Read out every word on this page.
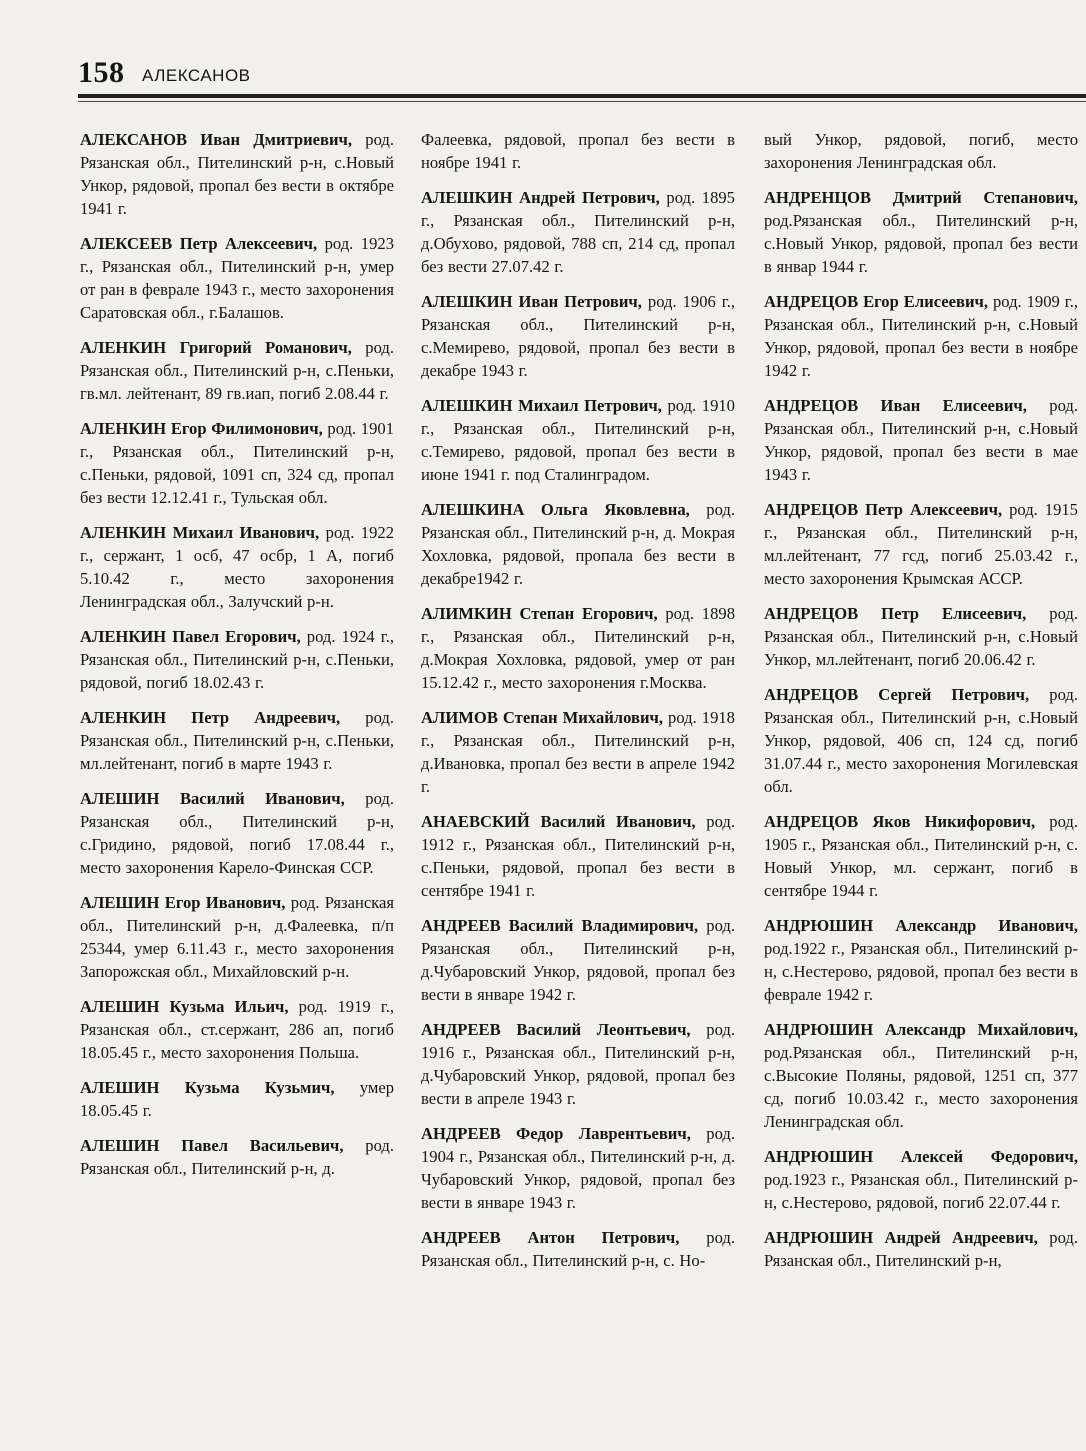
158 АЛЕКСАНОВ

АЛЕКСАНОВ Иван Дмитриевич, род. Рязанская обл., Пителинский р-н, с.Новый Ункор, рядовой, пропал без вести в октябре 1941 г.

АЛЕКСЕЕВ Петр Алексеевич, род. 1923 г., Рязанская обл., Пителинский р-н, умер от ран в феврале 1943 г., место захоронения Саратовская обл., г.Балашов.

АЛЕНКИН Григорий Романович, род. Рязанская обл., Пителинский р-н, с.Пеньки, гв.мл. лейтенант, 89 гв.иап, погиб 2.08.44 г.

АЛЕНКИН Егор Филимонович, род. 1901 г., Рязанская обл., Пителинский р-н, с.Пеньки, рядовой, 1091 сп, 324 сд, пропал без вести 12.12.41 г., Тульская обл.

АЛЕНКИН Михаил Иванович, род. 1922 г., сержант, 1 осб, 47 осбр, 1 А, погиб 5.10.42 г., место захоронения Ленинградская обл., Залучский р-н.

АЛЕНКИН Павел Егорович, род. 1924 г., Рязанская обл., Пителинский р-н, с.Пеньки, рядовой, погиб 18.02.43 г.

АЛЕНКИН Петр Андреевич, род. Рязанская обл., Пителинский р-н, с.Пеньки, мл.лейтенант, погиб в марте 1943 г.

АЛЕШИН Василий Иванович, род. Рязанская обл., Пителинский р-н, с.Гридино, рядовой, погиб 17.08.44 г., место захоронения Карело-Финская ССР.

АЛЕШИН Егор Иванович, род. Рязанская обл., Пителинский р-н, д.Фалеевка, п/п 25344, умер 6.11.43 г., место захоронения Запорожская обл., Михайловский р-н.

АЛЕШИН Кузьма Ильич, род. 1919 г., Рязанская обл., ст.сержант, 286 ап, погиб 18.05.45 г., место захоронения Польша.

АЛЕШИН Кузьма Кузьмич, умер 18.05.45 г.

АЛЕШИН Павел Васильевич, род. Рязанская обл., Пителинский р-н, д.

Фалеевка, рядовой, пропал без вести в ноябре 1941 г.

АЛЕШКИН Андрей Петрович, род. 1895 г., Рязанская обл., Пителинский р-н, д.Обухово, рядовой, 788 сп, 214 сд, пропал без вести 27.07.42 г.

АЛЕШКИН Иван Петрович, род. 1906 г., Рязанская обл., Пителинский р-н, с.Мемирево, рядовой, пропал без вести в декабре 1943 г.

АЛЕШКИН Михаил Петрович, род. 1910 г., Рязанская обл., Пителинский р-н, с.Темирево, рядовой, пропал без вести в июне 1941 г. под Сталинградом.

АЛЕШКИНА Ольга Яковлевна, род. Рязанская обл., Пителинский р-н, д. Мокрая Хохловка, рядовой, пропала без вести в декабре1942 г.

АЛИМКИН Степан Егорович, род. 1898 г., Рязанская обл., Пителинский р-н, д.Мокрая Хохловка, рядовой, умер от ран 15.12.42 г., место захоронения г.Москва.

АЛИМОВ Степан Михайлович, род. 1918 г., Рязанская обл., Пителинский р-н, д.Ивановка, пропал без вести в апреле 1942 г.

АНАЕВСКИЙ Василий Иванович, род. 1912 г., Рязанская обл., Пителинский р-н, с.Пеньки, рядовой, пропал без вести в сентябре 1941 г.

АНДРЕЕВ Василий Владимирович, род. Рязанская обл., Пителинский р-н, д.Чубаровский Ункор, рядовой, пропал без вести в январе 1942 г.

АНДРЕЕВ Василий Леонтьевич, род. 1916 г., Рязанская обл., Пителинский р-н, д.Чубаровский Ункор, рядовой, пропал без вести в апреле 1943 г.

АНДРЕЕВ Федор Лаврентьевич, род. 1904 г., Рязанская обл., Пителинский р-н, д. Чубаровский Ункор, рядовой, пропал без вести в январе 1943 г.

АНДРЕЕВ Антон Петрович, род. Рязанская обл., Пителинский р-н, с. Но-

вый Ункор, рядовой, погиб, место захоронения Ленинградская обл.

АНДРЕНЦОВ Дмитрий Степанович, род.Рязанская обл., Пителинский р-н, с.Новый Ункор, рядовой, пропал без вести в январ 1944 г.

АНДРЕЦОВ Егор Елисеевич, род. 1909 г., Рязанская обл., Пителинский р-н, с.Новый Ункор, рядовой, пропал без вести в ноябре 1942 г.

АНДРЕЦОВ Иван Елисеевич, род. Рязанская обл., Пителинский р-н, с.Новый Ункор, рядовой, пропал без вести в мае 1943 г.

АНДРЕЦОВ Петр Алексеевич, род. 1915 г., Рязанская обл., Пителинский р-н, мл.лейтенант, 77 гсд, погиб 25.03.42 г., место захоронения Крымская АССР.

АНДРЕЦОВ Петр Елисеевич, род. Рязанская обл., Пителинский р-н, с.Новый Ункор, мл.лейтенант, погиб 20.06.42 г.

АНДРЕЦОВ Сергей Петрович, род. Рязанская обл., Пителинский р-н, с.Новый Ункор, рядовой, 406 сп, 124 сд, погиб 31.07.44 г., место захоронения Могилевская обл.

АНДРЕЦОВ Яков Никифорович, род. 1905 г., Рязанская обл., Пителинский р-н, с. Новый Ункор, мл. сержант, погиб в сентябре 1944 г.

АНДРЮШИН Александр Иванович, род.1922 г., Рязанская обл., Пителинский р-н, с.Нестерово, рядовой, пропал без вести в феврале 1942 г.

АНДРЮШИН Александр Михайлович, род.Рязанская обл., Пителинский р-н, с.Высокие Поляны, рядовой, 1251 сп, 377 сд, погиб 10.03.42 г., место захоронения Ленинградская обл.

АНДРЮШИН Алексей Федорович, род.1923 г., Рязанская обл., Пителинский р-н, с.Нестерово, рядовой, погиб 22.07.44 г.

АНДРЮШИН Андрей Андреевич, род. Рязанская обл., Пителинский р-н,
